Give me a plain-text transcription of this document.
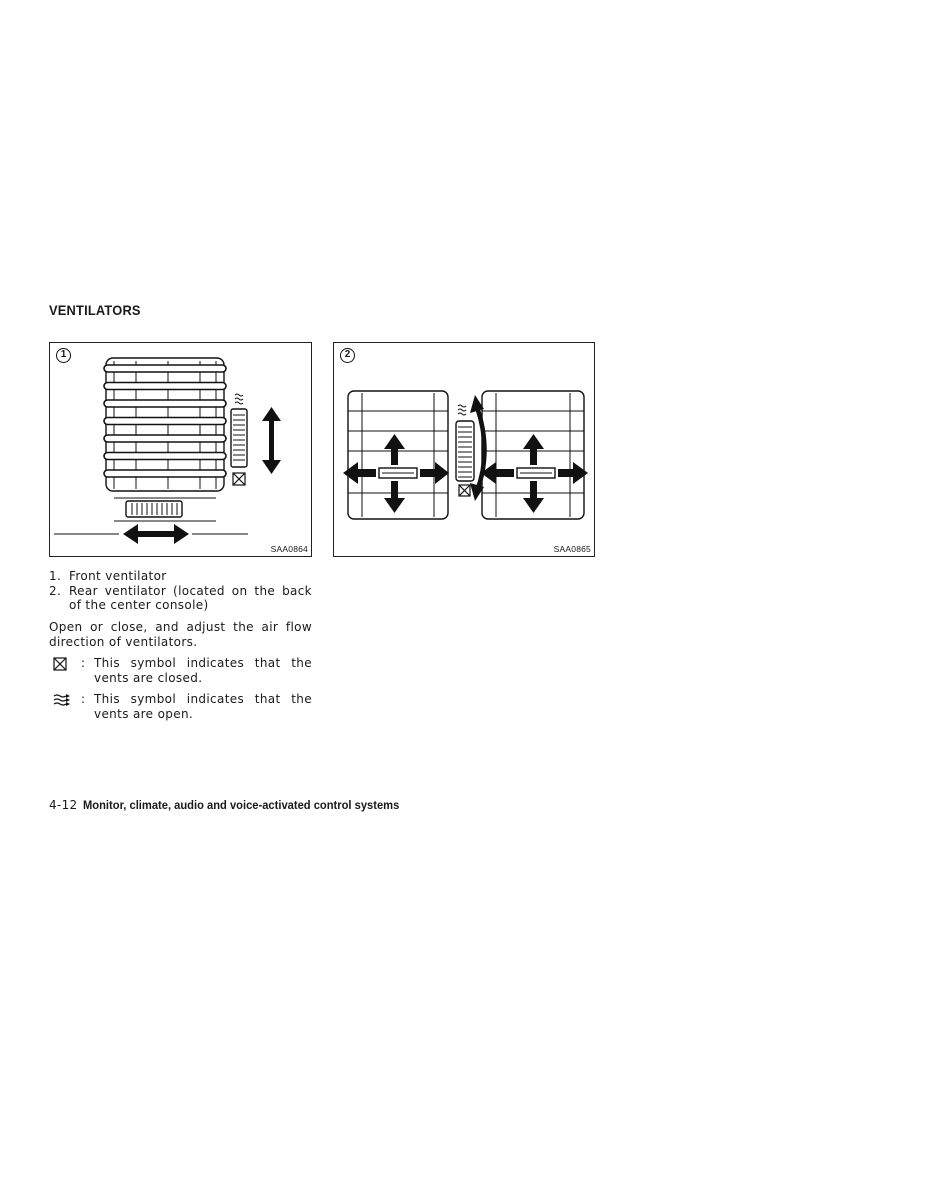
VENTILATORS
1
SAA0864
2
SAA0865
1. Front ventilator
2. Rear ventilator (located on the back of the center console)

Open or close, and adjust the air flow direction of ventilators.

: This symbol indicates that the vents are closed.
: This symbol indicates that the vents are open.
4-12 Monitor, climate, audio and voice-activated control systems
